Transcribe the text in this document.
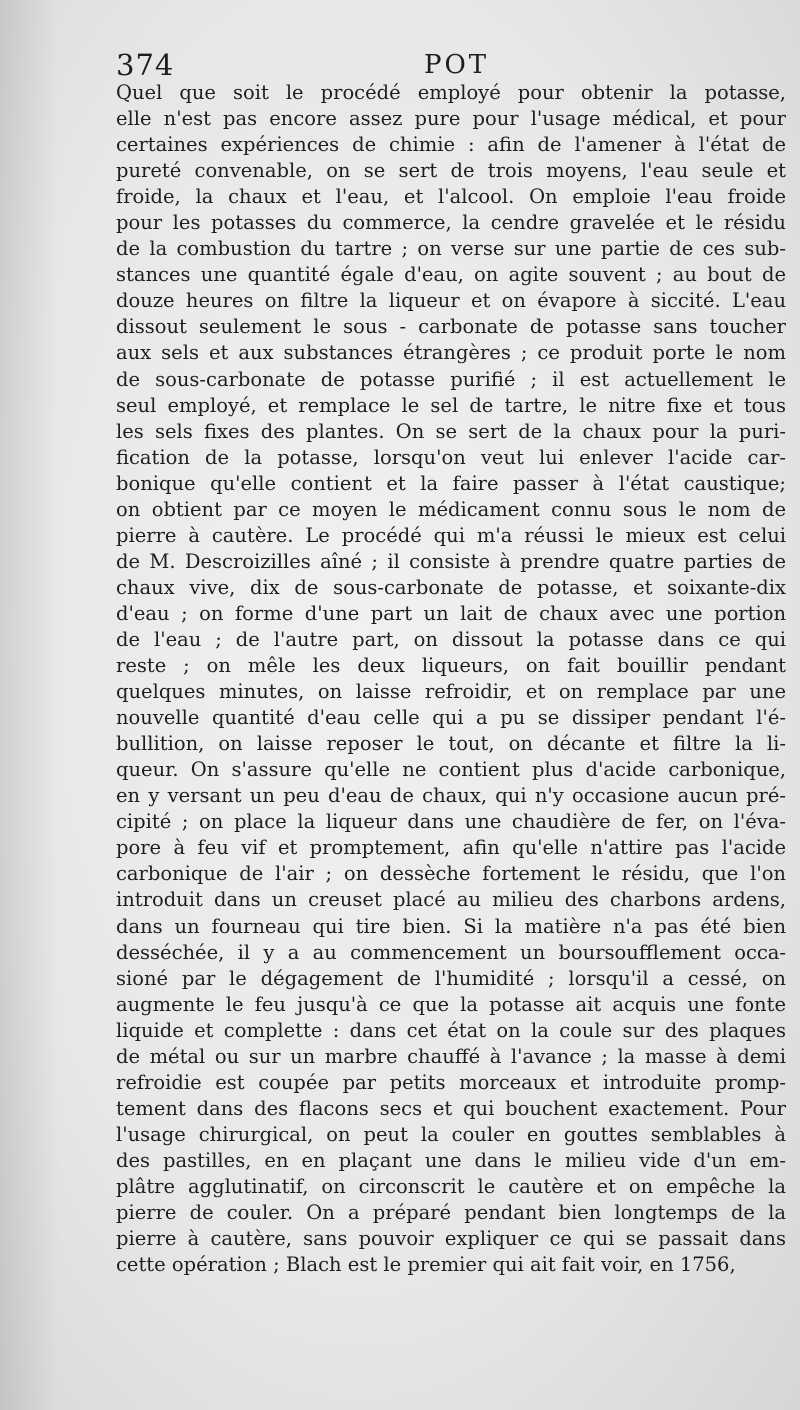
374	POT
Quel que soit le procédé employé pour obtenir la potasse,
elle n'est pas encore assez pure pour l'usage médical, et pour
certaines expériences de chimie : afin de l'amener à l'état de
pureté convenable, on se sert de trois moyens, l'eau seule et
froide, la chaux et l'eau, et l'alcool. On emploie l'eau froide
pour les potasses du commerce, la cendre gravelée et le résidu
de la combustion du tartre ; on verse sur une partie de ces sub-
stances une quantité égale d'eau, on agite souvent ; au bout de
douze heures on filtre la liqueur et on évapore à siccité. L'eau
dissout seulement le sous - carbonate de potasse sans toucher
aux sels et aux substances étrangères ; ce produit porte le nom
de sous-carbonate de potasse purifié ; il est actuellement le
seul employé, et remplace le sel de tartre, le nitre fixe et tous
les sels fixes des plantes. On se sert de la chaux pour la puri-
fication de la potasse, lorsqu'on veut lui enlever l'acide car-
bonique qu'elle contient et la faire passer à l'état caustique;
on obtient par ce moyen le médicament connu sous le nom de
pierre à cautère. Le procédé qui m'a réussi le mieux est celui
de M. Descroizilles aîné ; il consiste à prendre quatre parties de
chaux vive, dix de sous-carbonate de potasse, et soixante-dix
d'eau ; on forme d'une part un lait de chaux avec une portion
de l'eau ; de l'autre part, on dissout la potasse dans ce qui
reste ; on mêle les deux liqueurs, on fait bouillir pendant
quelques minutes, on laisse refroidir, et on remplace par une
nouvelle quantité d'eau celle qui a pu se dissiper pendant l'é-
bullition, on laisse reposer le tout, on décante et filtre la li-
queur. On s'assure qu'elle ne contient plus d'acide carbonique,
en y versant un peu d'eau de chaux, qui n'y occasione aucun pré-
cipité ; on place la liqueur dans une chaudière de fer, on l'éva-
pore à feu vif et promptement, afin qu'elle n'attire pas l'acide
carbonique de l'air ; on dessèche fortement le résidu, que l'on
introduit dans un creuset placé au milieu des charbons ardens,
dans un fourneau qui tire bien. Si la matière n'a pas été bien
desséchée, il y a au commencement un boursoufflement occa-
sioné par le dégagement de l'humidité ; lorsqu'il a cessé, on
augmente le feu jusqu'à ce que la potasse ait acquis une fonte
liquide et complette : dans cet état on la coule sur des plaques
de métal ou sur un marbre chauffé à l'avance ; la masse à demi
refroidie est coupée par petits morceaux et introduite promp-
tement dans des flacons secs et qui bouchent exactement. Pour
l'usage chirurgical, on peut la couler en gouttes semblables à
des pastilles, en en plaçant une dans le milieu vide d'un em-
plâtre agglutinatif, on circonscrit le cautère et on empêche la
pierre de couler. On a préparé pendant bien longtemps de la
pierre à cautère, sans pouvoir expliquer ce qui se passait dans
cette opération ; Blach est le premier qui ait fait voir, en 1756,
